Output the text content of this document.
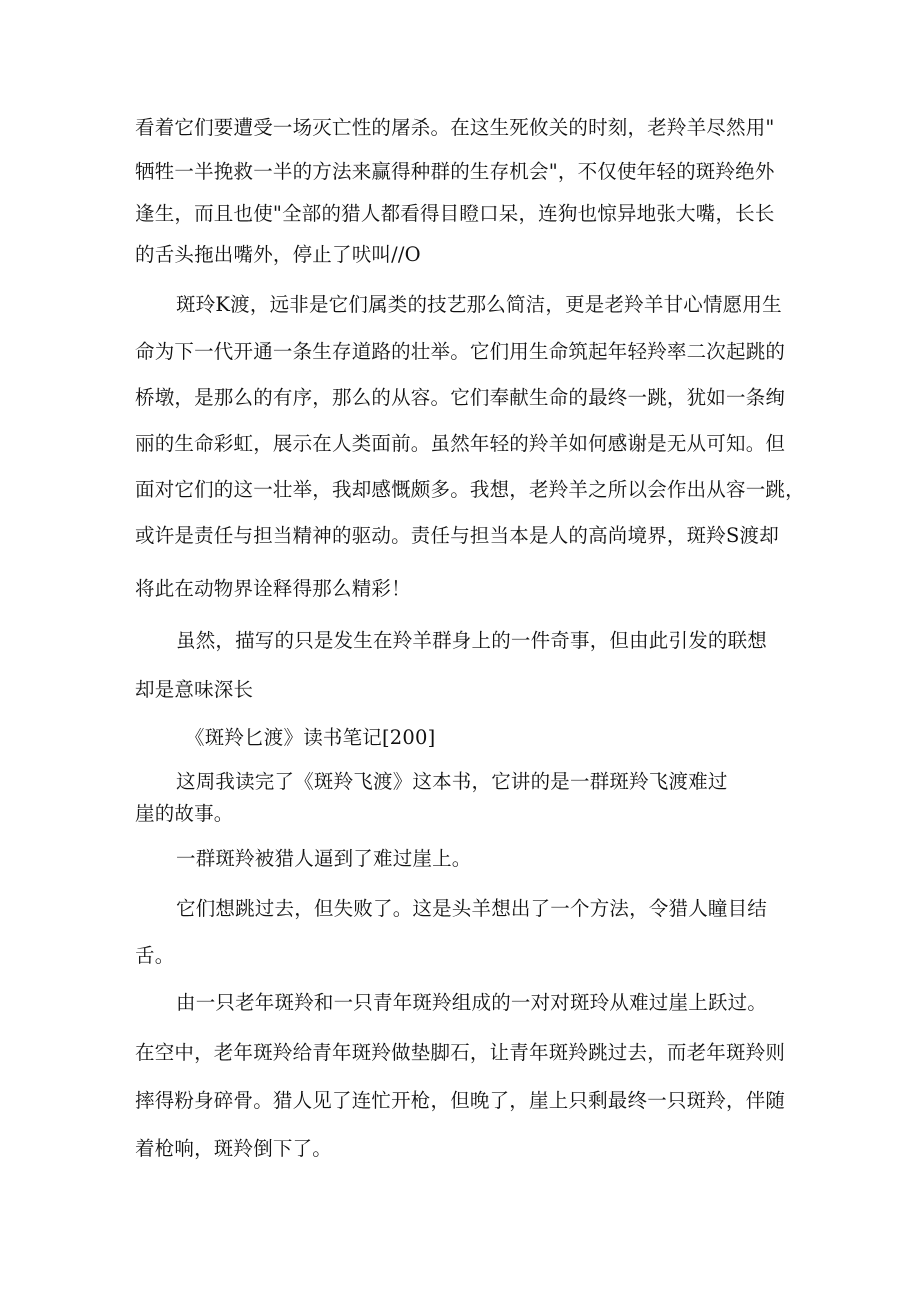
看着它们要遭受一场灭亡性的屠杀。在这生死攸关的时刻，老羚羊尽然用"
牺牲一半挽救一半的方法来赢得种群的生存机会"，不仅使年轻的斑羚绝外
逢生，而且也使"全部的猎人都看得目瞪口呆，连狗也惊异地张大嘴，长长
的舌头拖出嘴外，停止了吠叫//O
斑玲K渡，远非是它们属类的技艺那么简洁，更是老羚羊甘心情愿用生
命为下一代开通一条生存道路的壮举。它们用生命筑起年轻羚率二次起跳的
桥墩，是那么的有序，那么的从容。它们奉献生命的最终一跳，犹如一条绚
丽的生命彩虹，展示在人类面前。虽然年轻的羚羊如何感谢是无从可知。但
面对它们的这一壮举，我却感慨颇多。我想，老羚羊之所以会作出从容一跳，
或许是责任与担当精神的驱动。责任与担当本是人的高尚境界，斑羚S渡却
将此在动物界诠释得那么精彩！
虽然，描写的只是发生在羚羊群身上的一件奇事，但由此引发的联想
却是意味深长
《斑羚匕渡》读书笔记[200]
这周我读完了《斑羚飞渡》这本书，它讲的是一群斑羚飞渡难过
崖的故事。
一群斑羚被猎人逼到了难过崖上。
它们想跳过去，但失败了。这是头羊想出了一个方法，令猎人瞳目结
舌。
由一只老年斑羚和一只青年斑羚组成的一对对斑玲从难过崖上跃过。
在空中，老年斑羚给青年斑羚做垫脚石，让青年斑羚跳过去，而老年斑羚则
摔得粉身碎骨。猎人见了连忙开枪，但晚了，崖上只剩最终一只斑羚，伴随
着枪响，斑羚倒下了。
